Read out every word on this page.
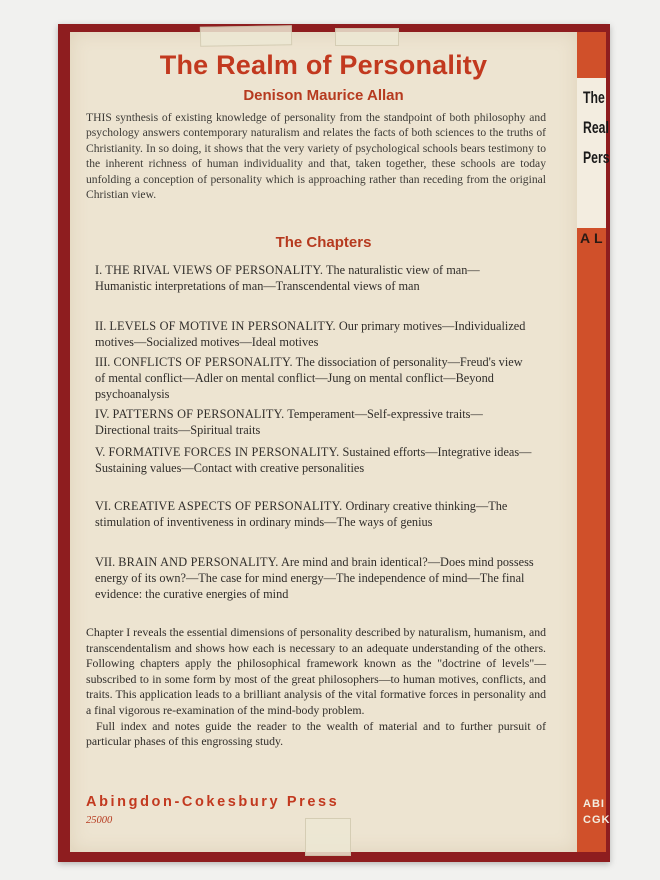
The
Real
Pers
A L
ABI
CGK
The Realm of Personality
Denison Maurice Allan

THIS synthesis of existing knowledge of personality from the standpoint of both philosophy and psychology answers contemporary naturalism and relates the facts of both sciences to the truths of Christianity. In so doing, it shows that the very variety of psychological schools bears testimony to the inherent richness of human individuality and that, taken together, these schools are today unfolding a conception of personality which is approaching rather than receding from the original Christian view.

The Chapters

I. THE RIVAL VIEWS OF PERSONALITY. The naturalistic view of man—Humanistic interpretations of man—Transcendental views of man

II. LEVELS OF MOTIVE IN PERSONALITY. Our primary motives—Individualized motives—Socialized motives—Ideal motives

III. CONFLICTS OF PERSONALITY. The dissociation of personality—Freud's view of mental conflict—Adler on mental conflict—Jung on mental conflict—Beyond psychoanalysis

IV. PATTERNS OF PERSONALITY. Temperament—Self-expressive traits—Directional traits—Spiritual traits

V. FORMATIVE FORCES IN PERSONALITY. Sustained efforts—Integrative ideas—Sustaining values—Contact with creative personalities

VI. CREATIVE ASPECTS OF PERSONALITY. Ordinary creative thinking—The stimulation of inventiveness in ordinary minds—The ways of genius

VII. BRAIN AND PERSONALITY. Are mind and brain identical?—Does mind possess energy of its own?—The case for mind energy—The independence of mind—The final evidence: the curative energies of mind

Chapter I reveals the essential dimensions of personality described by naturalism, humanism, and transcendentalism and shows how each is necessary to an adequate understanding of the others. Following chapters apply the philosophical framework known as the "doctrine of levels"—subscribed to in some form by most of the great philosophers—to human motives, conflicts, and traits. This application leads to a brilliant analysis of the vital formative forces in personality and a final vigorous re-examination of the mind-body problem.

Full index and notes guide the reader to the wealth of material and to further pursuit of particular phases of this engrossing study.

Abingdon-Cokesbury Press

25000
